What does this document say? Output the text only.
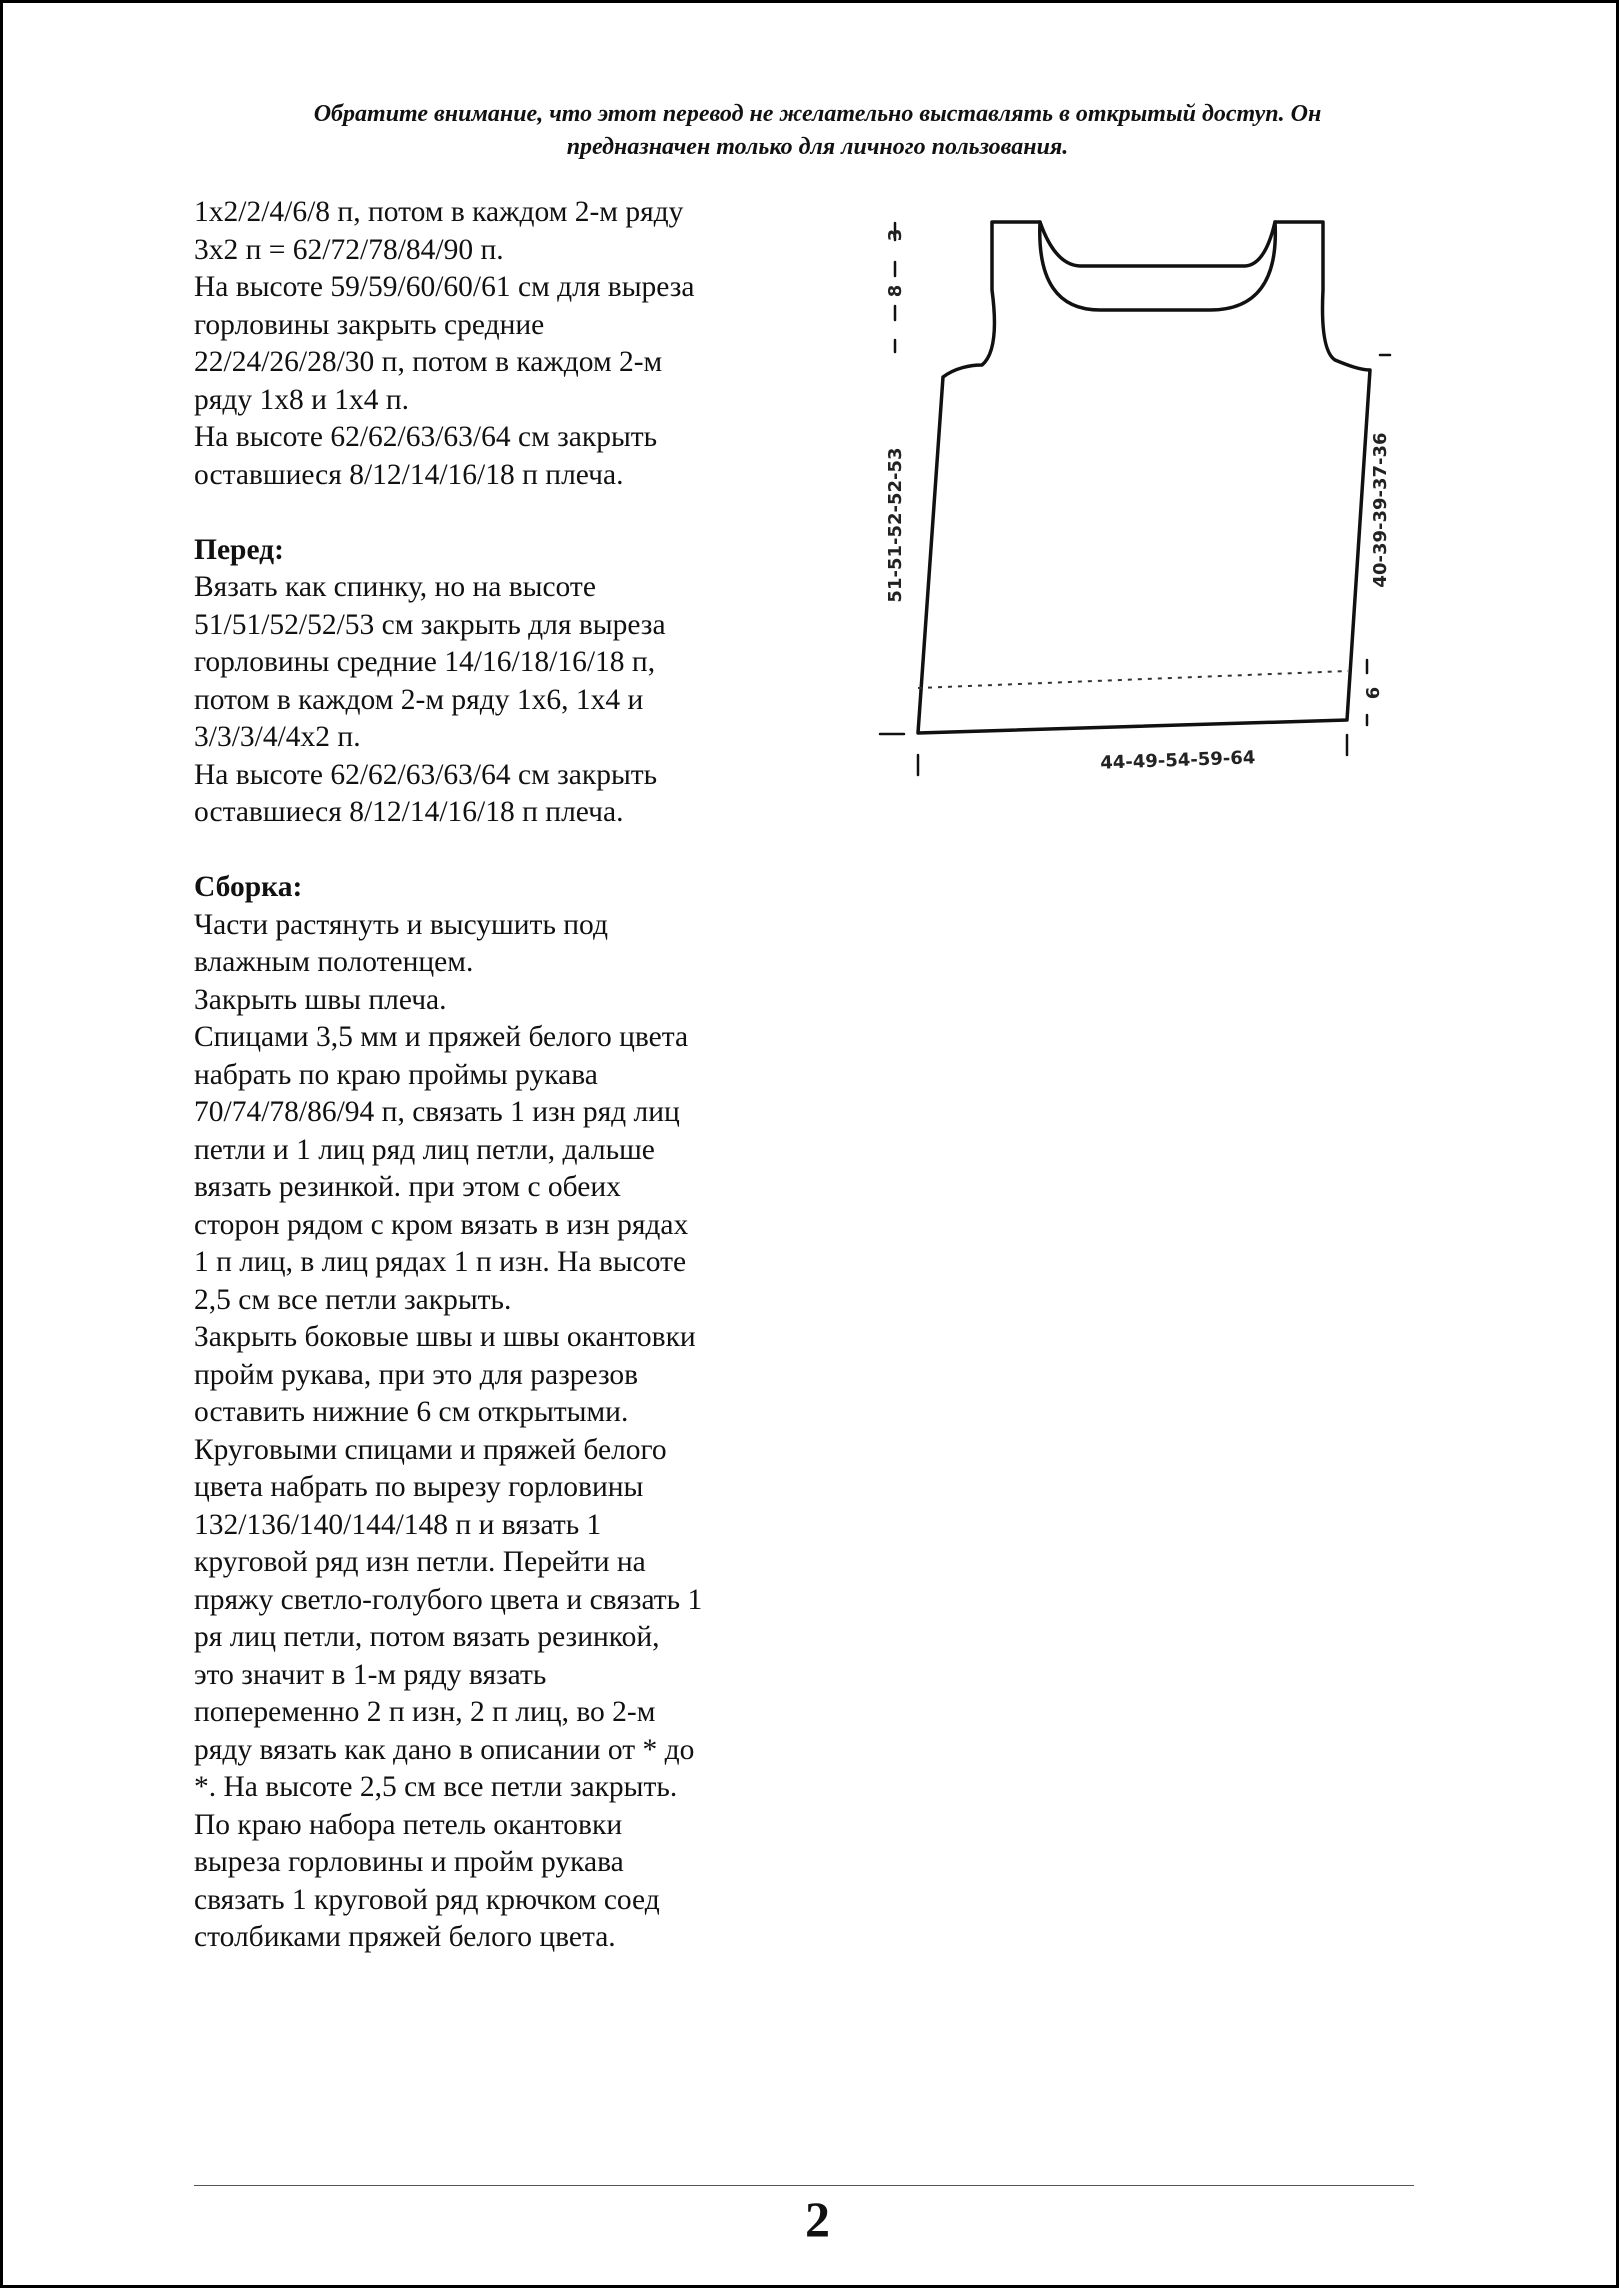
Обратите внимание, что этот перевод не желательно выставлять в открытый доступ. Он

предназначен только для личного пользования.

1х2/2/4/6/8 п, потом в каждом 2-м ряду

3х2 п = 62/72/78/84/90 п.

На высоте 59/59/60/60/61 см для выреза

горловины закрыть средние

22/24/26/28/30 п, потом в каждом 2-м

ряду 1х8 и 1х4 п.

На высоте 62/62/63/63/64 см закрыть

оставшиеся 8/12/14/16/18 п плеча.

Перед:

Вязать как спинку, но на высоте

51/51/52/52/53 см закрыть для выреза

горловины средние 14/16/18/16/18 п,

потом в каждом 2-м ряду 1х6, 1х4 и

3/3/3/4/4х2 п.

На высоте 62/62/63/63/64 см закрыть

оставшиеся 8/12/14/16/18 п плеча.

Сборка:

Части растянуть и высушить под

влажным полотенцем.

Закрыть швы плеча.

Спицами 3,5 мм и пряжей белого цвета

набрать по краю проймы рукава

70/74/78/86/94 п, связать 1 изн ряд лиц

петли и 1 лиц ряд лиц петли, дальше

вязать резинкой. при этом с обеих

сторон рядом с кром вязать в изн рядах

1 п лиц, в лиц рядах 1 п изн. На высоте

2,5 см все петли закрыть.

Закрыть боковые швы и швы окантовки

пройм рукава, при это для разрезов

оставить нижние 6 см открытыми.

Круговыми спицами и пряжей белого

цвета набрать по вырезу горловины

132/136/140/144/148 п и вязать 1

круговой ряд изн петли. Перейти на

пряжу светло-голубого цвета и связать 1

ря лиц петли, потом вязать резинкой,

это значит в 1-м ряду вязать

попеременно 2 п изн, 2 п лиц, во 2-м

ряду вязать как дано в описании от * до

*. На высоте 2,5 см все петли закрыть.

По краю набора петель окантовки

выреза горловины и пройм рукава

связать 1 круговой ряд крючком соед

столбиками пряжей белого цвета.

3
8
51-51-52-52-53	40-39-39-37-36
6
44-49-54-59-64
2
